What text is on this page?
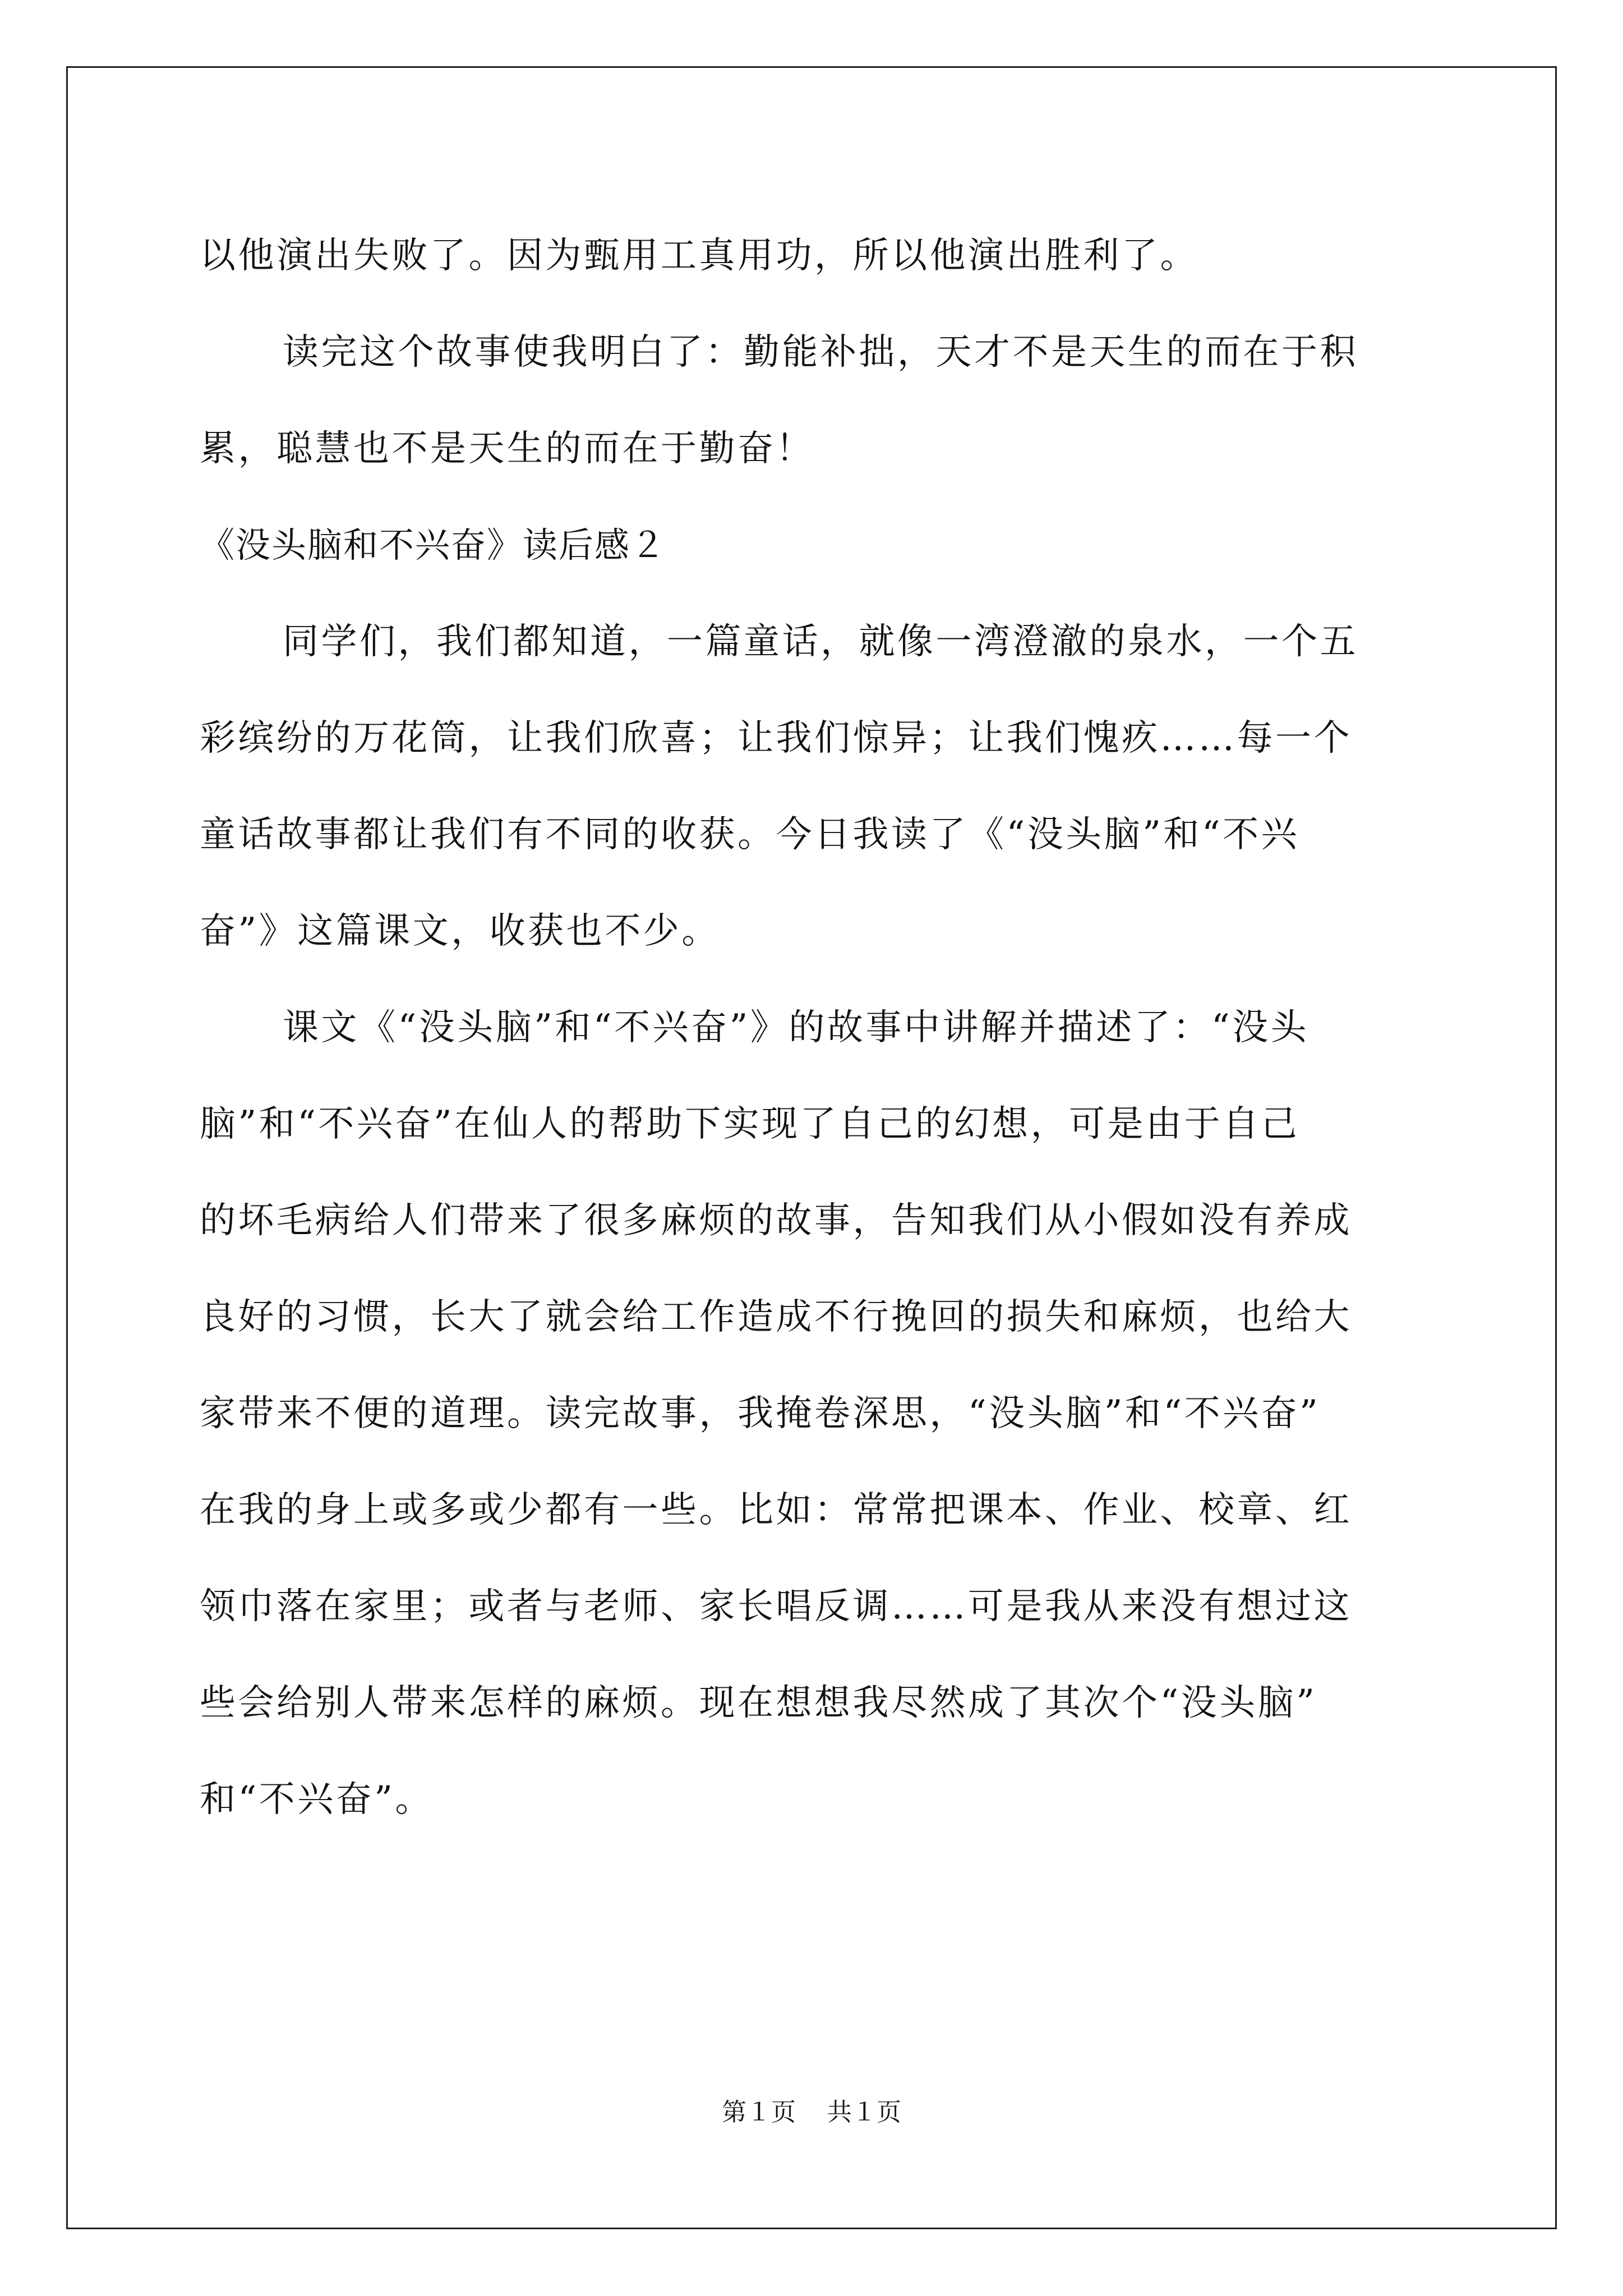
以他演出失败了。因为甄用工真用功，所以他演出胜利了。
读完这个故事使我明白了：勤能补拙，天才不是天生的而在于积
累，聪慧也不是天生的而在于勤奋！
《没头脑和不兴奋》读后感２
同学们，我们都知道，一篇童话，就像一湾澄澈的泉水，一个五
彩缤纷的万花筒，让我们欣喜；让我们惊异；让我们愧疚……每一个
童话故事都让我们有不同的收获。今日我读了《“没头脑”和“不兴
奋”》这篇课文，收获也不少。
课文《“没头脑”和“不兴奋”》的故事中讲解并描述了：“没头
脑”和“不兴奋”在仙人的帮助下实现了自己的幻想，可是由于自己
的坏毛病给人们带来了很多麻烦的故事，告知我们从小假如没有养成
良好的习惯，长大了就会给工作造成不行挽回的损失和麻烦，也给大
家带来不便的道理。读完故事，我掩卷深思，“没头脑”和“不兴奋”
在我的身上或多或少都有一些。比如：常常把课本、作业、校章、红
领巾落在家里；或者与老师、家长唱反调……可是我从来没有想过这
些会给别人带来怎样的麻烦。现在想想我尽然成了其次个“没头脑”
和“不兴奋”。
第１页 共１页
